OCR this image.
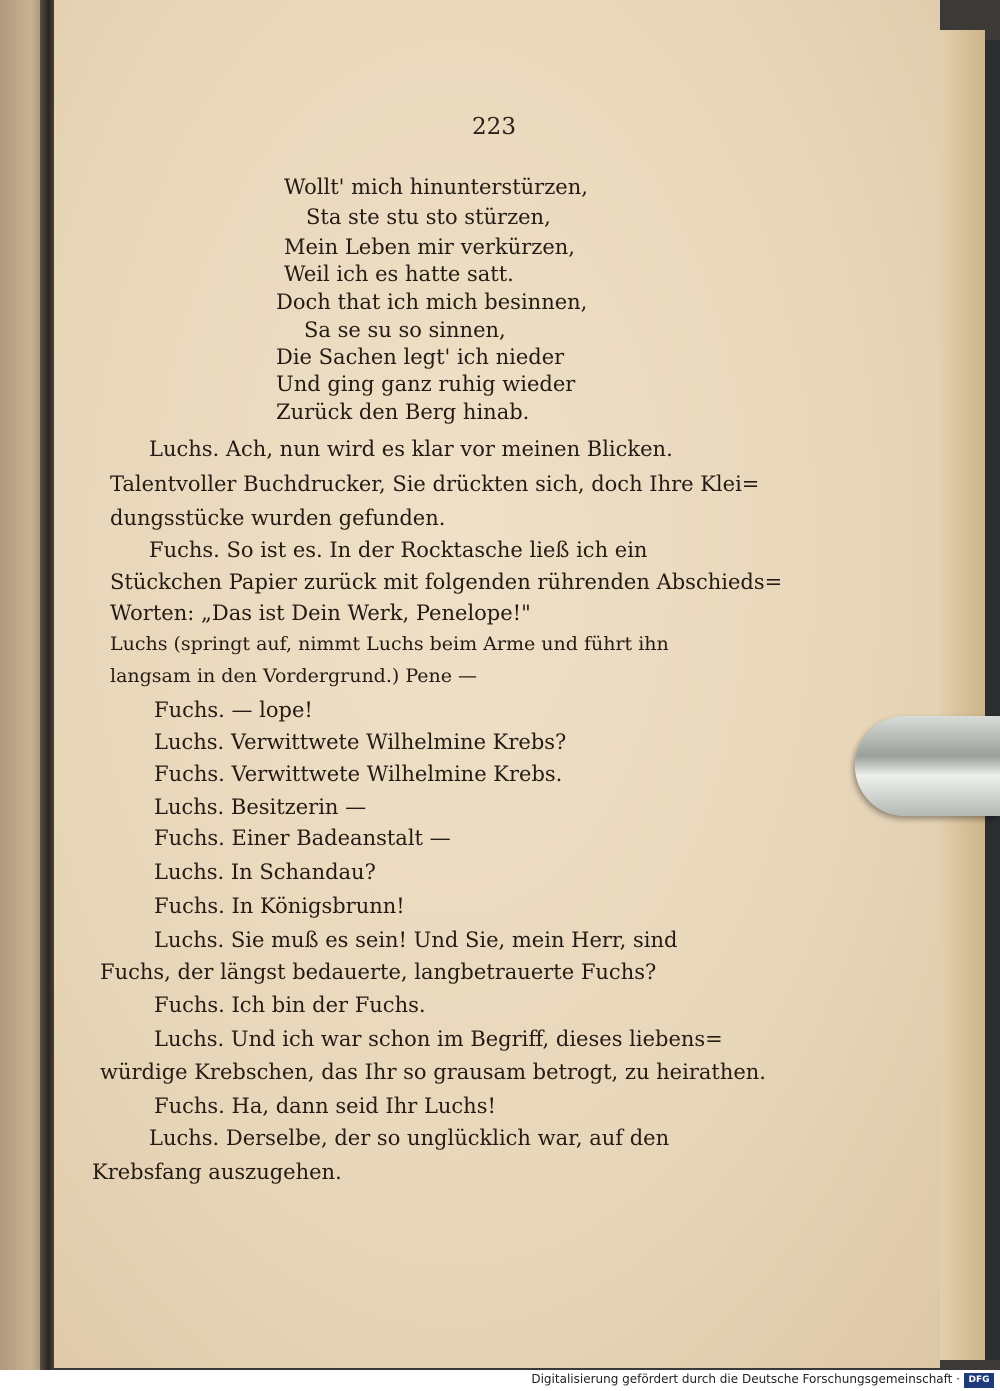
223
Wollt' mich hinunterstürzen,
Sta ste stu sto stürzen,
Mein Leben mir verkürzen,
Weil ich es hatte satt.
Doch that ich mich besinnen,
Sa se su so sinnen,
Die Sachen legt' ich nieder
Und ging ganz ruhig wieder
Zurück den Berg hinab.
Luchs. Ach, nun wird es klar vor meinen Blicken.
Talentvoller Buchdrucker, Sie drückten sich, doch Ihre Klei=
dungsstücke wurden gefunden.
Fuchs. So ist es. In der Rocktasche ließ ich ein
Stückchen Papier zurück mit folgenden rührenden Abschieds=
Worten: „Das ist Dein Werk, Penelope!"
Luchs (springt auf, nimmt Luchs beim Arme und führt ihn
langsam in den Vordergrund.) Pene —
Fuchs. — lope!
Luchs. Verwittwete Wilhelmine Krebs?
Fuchs. Verwittwete Wilhelmine Krebs.
Luchs. Besitzerin —
Fuchs. Einer Badeanstalt —
Luchs. In Schandau?
Fuchs. In Königsbrunn!
Luchs. Sie muß es sein! Und Sie, mein Herr, sind
Fuchs, der längst bedauerte, langbetrauerte Fuchs?
Fuchs. Ich bin der Fuchs.
Luchs. Und ich war schon im Begriff, dieses liebens=
würdige Krebschen, das Ihr so grausam betrogt, zu heirathen.
Fuchs. Ha, dann seid Ihr Luchs!
Luchs. Derselbe, der so unglücklich war, auf den
Krebsfang auszugehen.
Digitalisierung gefördert durch die Deutsche Forschungsgemeinschaft · DFG
